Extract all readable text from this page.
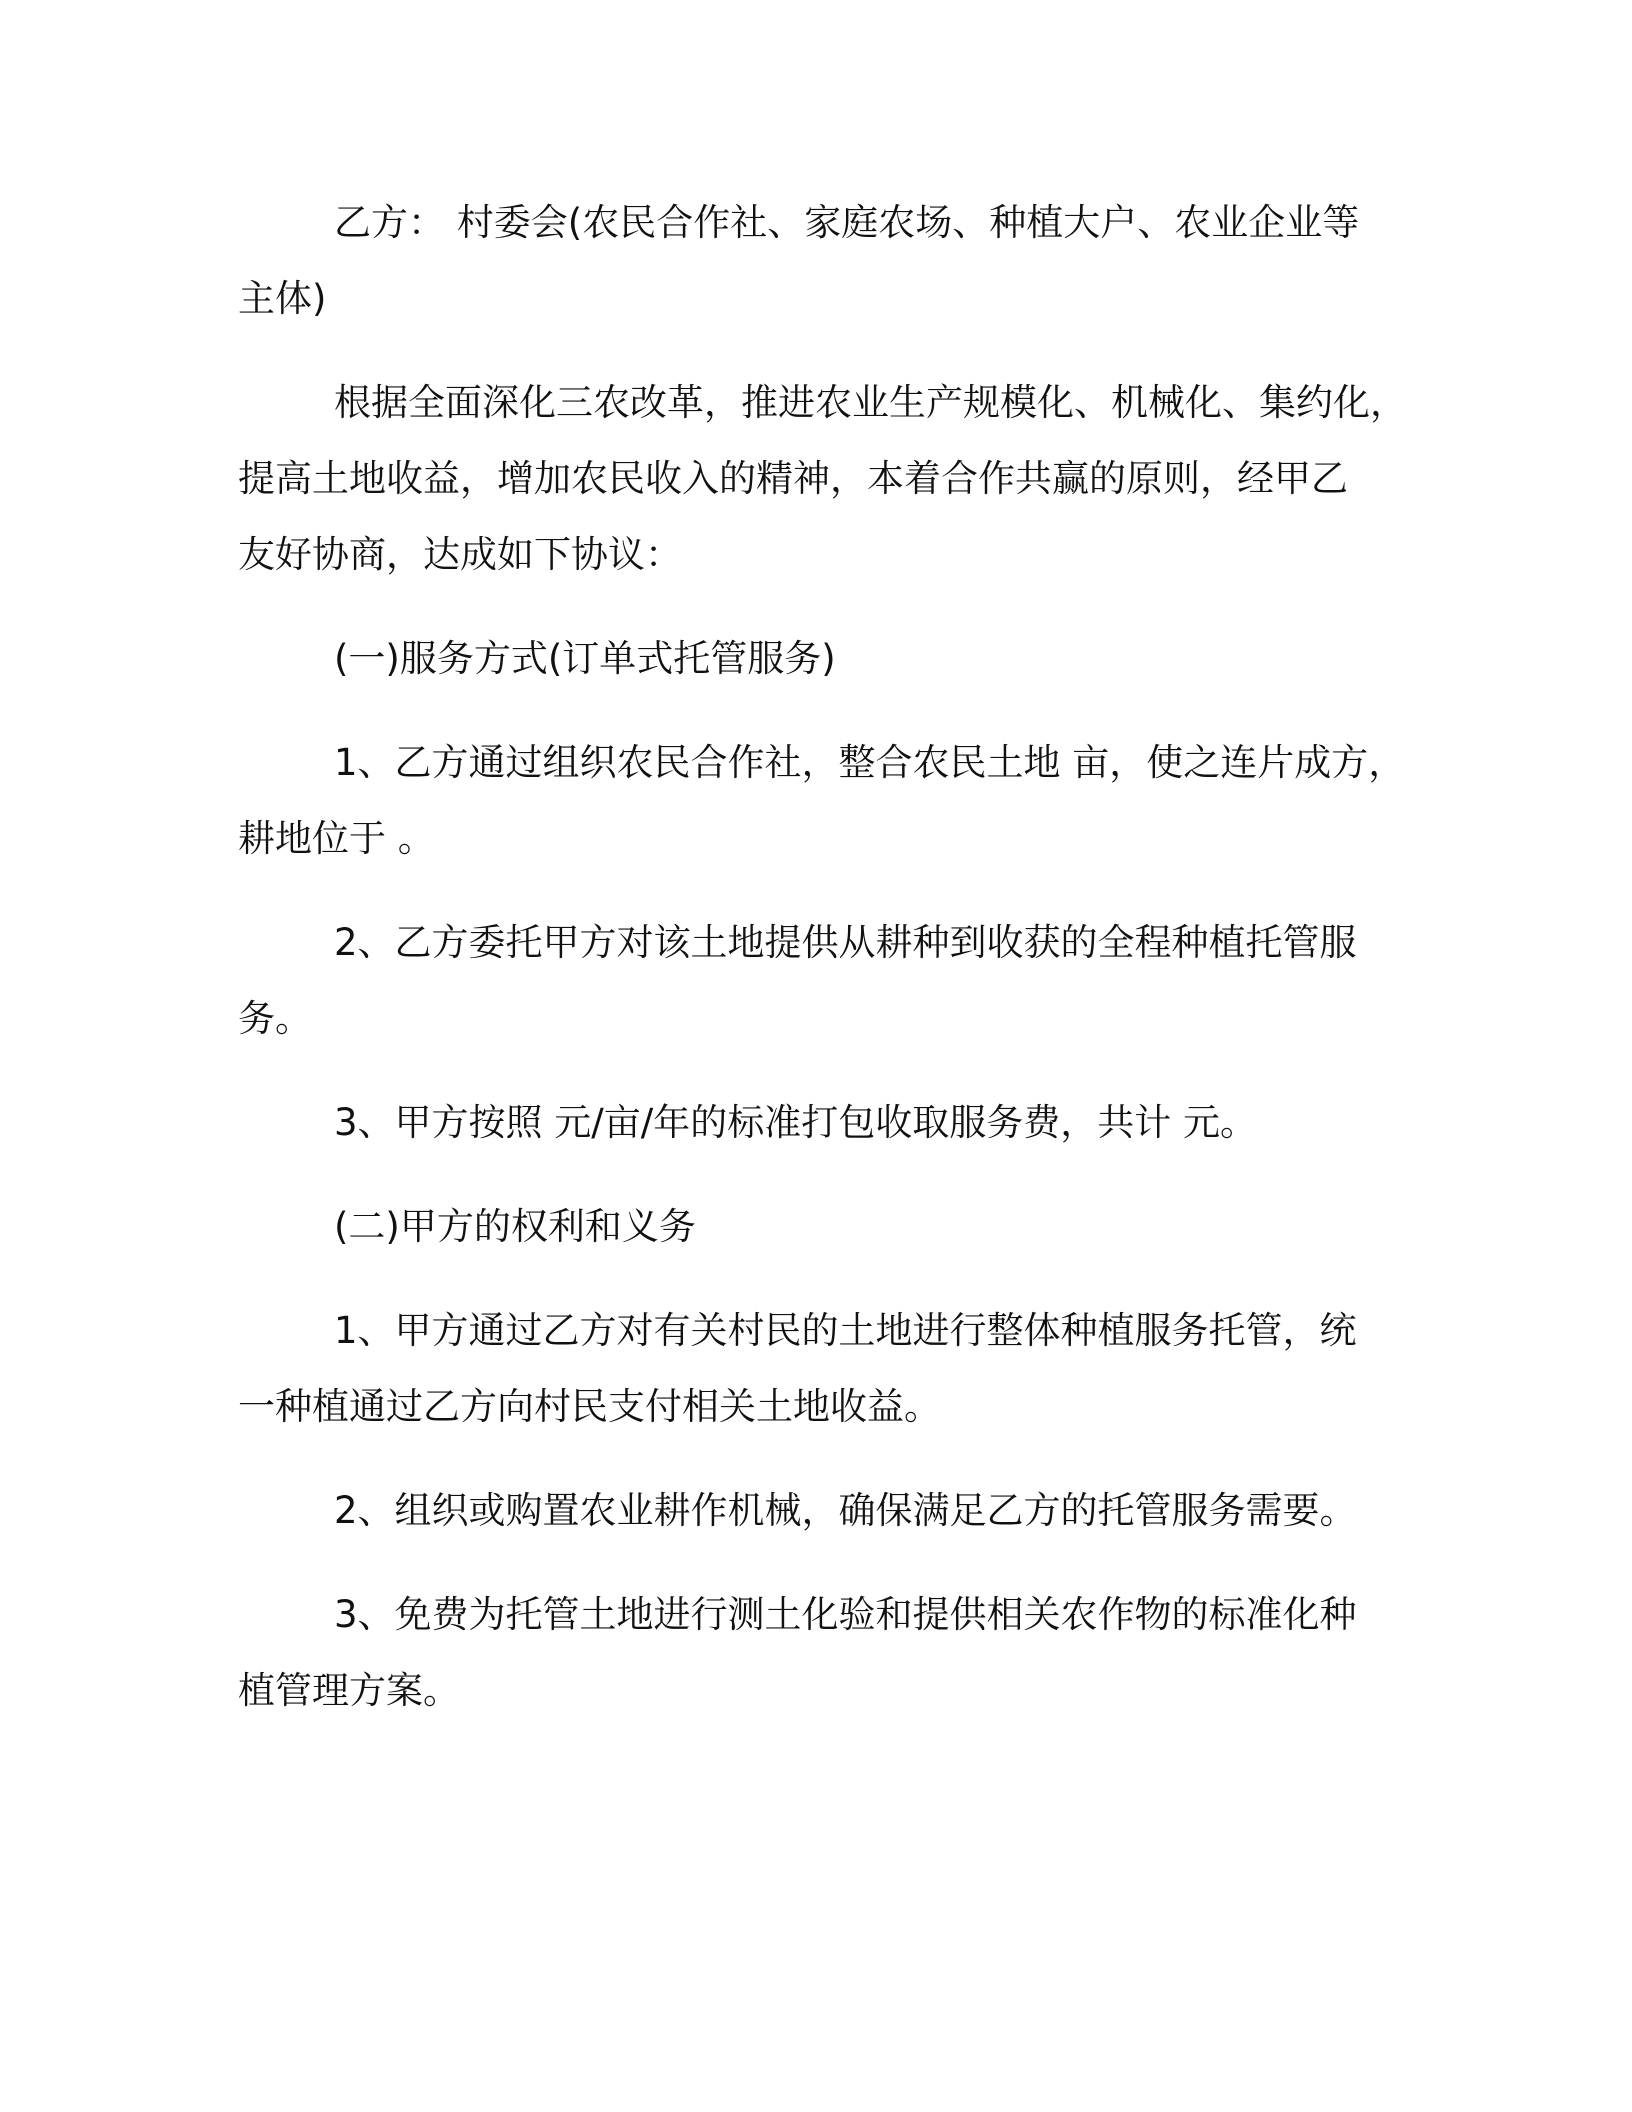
乙方： 村委会(农民合作社、家庭农场、种植大户、农业企业等
主体)

根据全面深化三农改革，推进农业生产规模化、机械化、集约化，
提高土地收益，增加农民收入的精神，本着合作共赢的原则，经甲乙
友好协商，达成如下协议：

(一)服务方式(订单式托管服务)

1、乙方通过组织农民合作社，整合农民土地 亩，使之连片成方，
耕地位于 。

2、乙方委托甲方对该土地提供从耕种到收获的全程种植托管服
务。

3、甲方按照 元/亩/年的标准打包收取服务费，共计 元。

(二)甲方的权利和义务

1、甲方通过乙方对有关村民的土地进行整体种植服务托管，统
一种植通过乙方向村民支付相关土地收益。

2、组织或购置农业耕作机械，确保满足乙方的托管服务需要。

3、免费为托管土地进行测土化验和提供相关农作物的标准化种
植管理方案。
